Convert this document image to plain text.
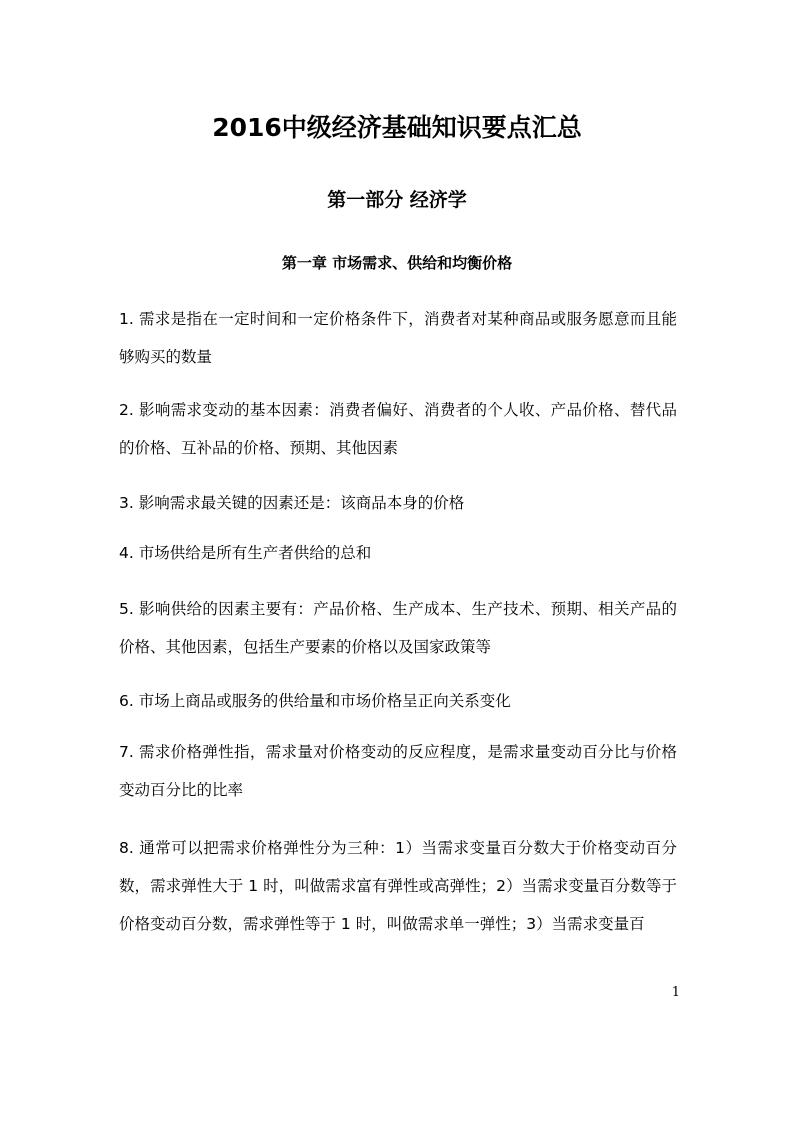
2016中级经济基础知识要点汇总
第一部分 经济学
第一章 市场需求、供给和均衡价格
1. 需求是指在一定时间和一定价格条件下，消费者对某种商品或服务愿意而且能够购买的数量
2. 影响需求变动的基本因素：消费者偏好、消费者的个人收、产品价格、替代品的价格、互补品的价格、预期、其他因素
3. 影响需求最关键的因素还是：该商品本身的价格
4. 市场供给是所有生产者供给的总和
5. 影响供给的因素主要有：产品价格、生产成本、生产技术、预期、相关产品的价格、其他因素，包括生产要素的价格以及国家政策等
6. 市场上商品或服务的供给量和市场价格呈正向关系变化
7. 需求价格弹性指，需求量对价格变动的反应程度，是需求量变动百分比与价格变动百分比的比率
8. 通常可以把需求价格弹性分为三种：1）当需求变量百分数大于价格变动百分数，需求弹性大于 1 时，叫做需求富有弹性或高弹性；2）当需求变量百分数等于价格变动百分数，需求弹性等于 1 时，叫做需求单一弹性；3）当需求变量百
1
